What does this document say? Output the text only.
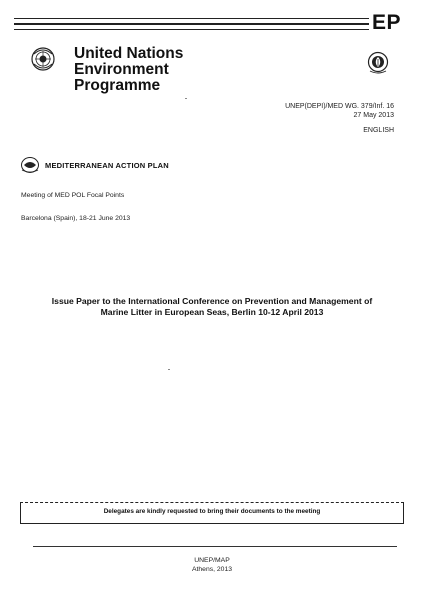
EP
United Nations
Environment
Programme
UNEP(DEPI)/MED WG. 379/Inf. 16
27 May 2013
ENGLISH
MEDITERRANEAN ACTION PLAN
Meeting of MED POL Focal Points
Barcelona (Spain), 18-21 June 2013
Issue Paper to the International Conference on Prevention and Management of
Marine Litter in European Seas, Berlin 10-12 April 2013
Delegates are kindly requested to bring their documents to the meeting
UNEP/MAP
Athens, 2013
